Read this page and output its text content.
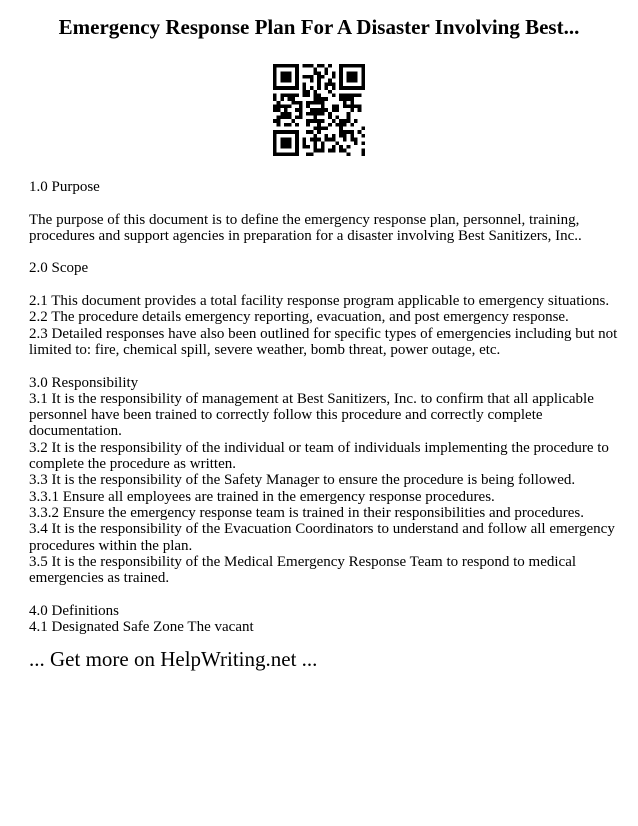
Emergency Response Plan For A Disaster Involving Best...

1.0 Purpose

The purpose of this document is to define the emergency response plan, personnel, training, procedures and support agencies in preparation for a disaster involving Best Sanitizers, Inc..

2.0 Scope

2.1 This document provides a total facility response program applicable to emergency situations.

2.2 The procedure details emergency reporting, evacuation, and post emergency response.

2.3 Detailed responses have also been outlined for specific types of emergencies including but not limited to: fire, chemical spill, severe weather, bomb threat, power outage, etc.

3.0 Responsibility

3.1 It is the responsibility of management at Best Sanitizers, Inc. to confirm that all applicable personnel have been trained to correctly follow this procedure and correctly complete documentation.

3.2 It is the responsibility of the individual or team of individuals implementing the procedure to complete the procedure as written.

3.3 It is the responsibility of the Safety Manager to ensure the procedure is being followed.

3.3.1 Ensure all employees are trained in the emergency response procedures.

3.3.2 Ensure the emergency response team is trained in their responsibilities and procedures.

3.4 It is the responsibility of the Evacuation Coordinators to understand and follow all emergency procedures within the plan.

3.5 It is the responsibility of the Medical Emergency Response Team to respond to medical emergencies as trained.

4.0 Definitions

4.1 Designated Safe Zone The vacant

... Get more on HelpWriting.net ...
